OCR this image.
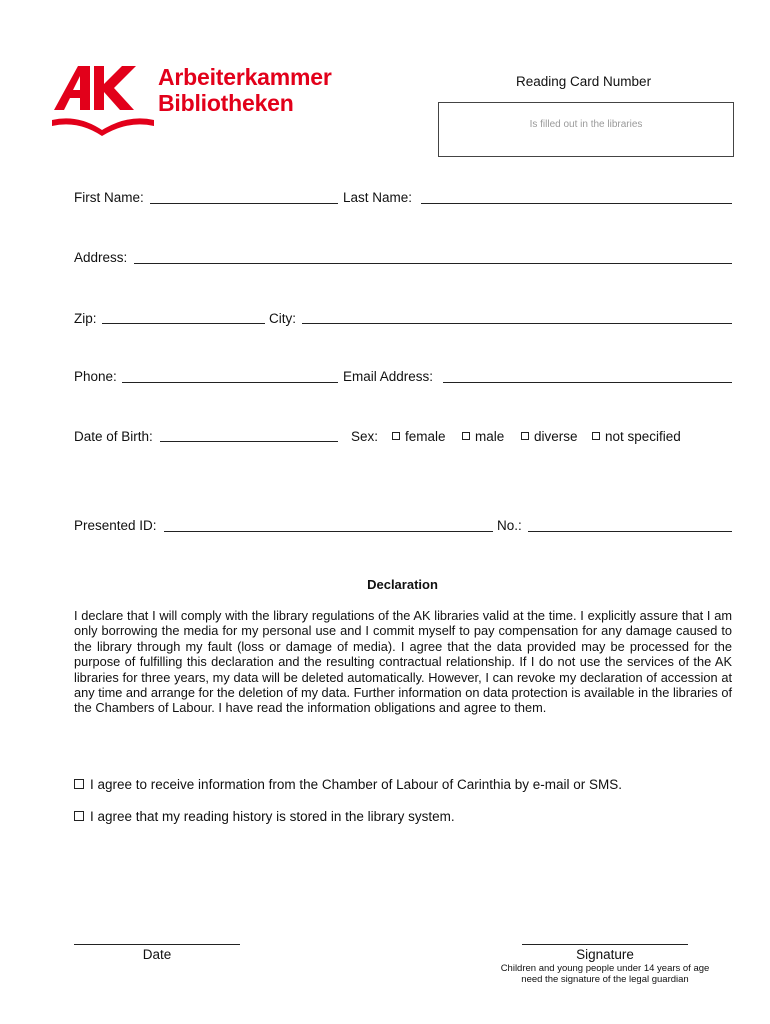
Arbeiterkammer
Bibliotheken
Reading Card Number
Is filled out in the libraries
First Name:	Last Name:
Address:
Zip:	City:
Phone:	Email Address:
Date of Birth:	Sex:	female	male	diverse	not specified
Presented ID:	No.:
Declaration
I declare that I will comply with the library regulations of the AK libraries valid at the time. I explicitly assure that I am only borrowing the media for my personal use and I commit myself to pay compensation for any damage caused to the library through my fault (loss or damage of media). I agree that the data provided may be processed for the purpose of fulfilling this declaration and the resulting contractual relationship. If I do not use the services of the AK libraries for three years, my data will be deleted automatically. However, I can revoke my declaration of accession at any time and arrange for the deletion of my data. Further information on data protection is available in the libraries of the Chambers of Labour. I have read the information obligations and agree to them.
I agree to receive information from the Chamber of Labour of Carinthia by e-mail or SMS.
I agree that my reading history is stored in the library system.
Date	Signature
Children and young people under 14 years of age
need the signature of the legal guardian
